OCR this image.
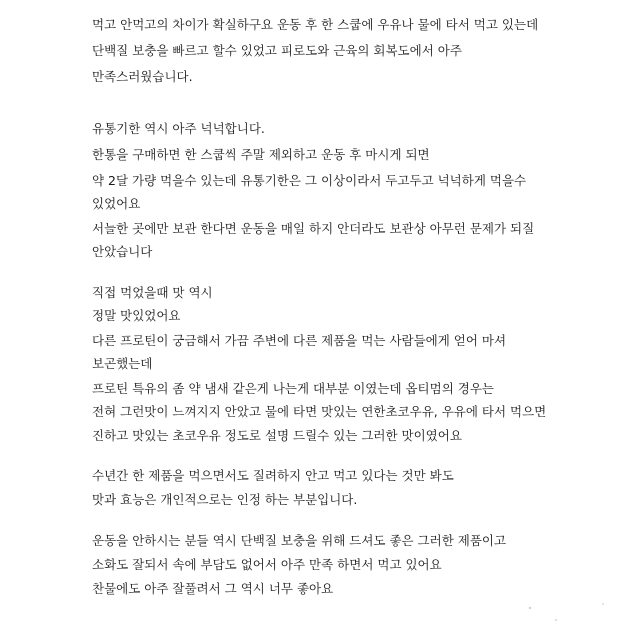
먹고 안먹고의 차이가 확실하구요 운동 후 한 스쿱에 우유나 물에 타서 먹고 있는데
단백질 보충을 빠르고 할수 있었고 피로도와 근육의 회복도에서 아주
만족스러웠습니다.
유통기한 역시 아주 넉넉합니다.
한통을 구매하면 한 스쿱씩 주말 제외하고 운동 후 마시게 되면
약 2달 가량 먹을수 있는데 유통기한은 그 이상이라서 두고두고 넉넉하게 먹을수
있었어요
서늘한 곳에만 보관 한다면 운동을 매일 하지 안더라도 보관상 아무런 문제가 되질
안았습니다
직접 먹었을때 맛 역시
정말 맛있었어요
다른 프로틴이 궁금해서 가끔 주변에 다른 제품을 먹는 사람들에게 얻어 마셔
보곤했는데
프로틴 특유의 좀 약 냄새 같은게 나는게 대부분 이였는데 옵티멈의 경우는
전혀 그런맛이 느껴지지 안았고 물에 타면 맛있는 연한초코우유, 우유에 타서 먹으면
진하고 맛있는 초코우유 정도로 설명 드릴수 있는 그러한 맛이였어요
수년간 한 제품을 먹으면서도 질려하지 안고 먹고 있다는 것만 봐도
맛과 효능은 개인적으로는 인정 하는 부분입니다.
운동을 안하시는 분들 역시 단백질 보충을 위해 드셔도 좋은 그러한 제품이고
소화도 잘되서 속에 부담도 없어서 아주 만족 하면서 먹고 있어요
찬물에도 아주 잘풀려서 그 역시 너무 좋아요
